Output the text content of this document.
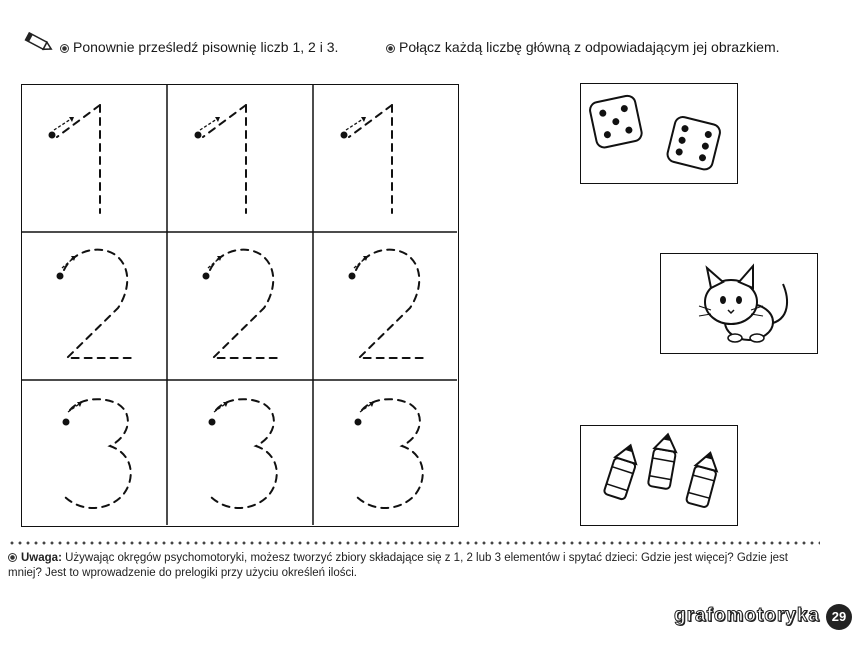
Ponownie prześledź pisownię liczb 1, 2 i 3.	Połącz każdą liczbę główną z odpowiadającym jej obrazkiem.
Uwaga: Używając okręgów psychomotoryki, możesz tworzyć zbiory składające się z 1, 2 lub 3 elementów i spytać dzieci: Gdzie jest więcej? Gdzie jest mniej? Jest to wprowadzenie do prelogiki przy użyciu określeń ilości.
grafomotoryka 29
